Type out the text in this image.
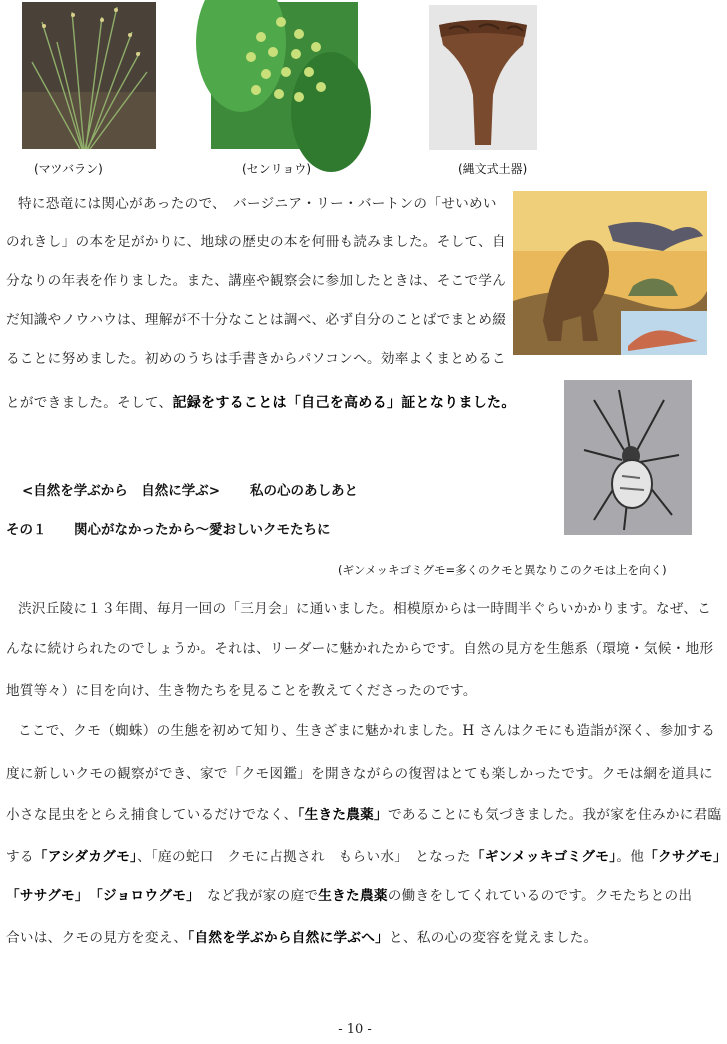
(マツバラン)	(センリョウ)	(縄文式土器)
特に恐竜には関心があったので、　バージニア・リー・バートンの「せいめい
のれきし」の本を足がかりに、地球の歴史の本を何冊も読みました。そして、自
分なりの年表を作りました。また、講座や観察会に参加したときは、そこで学ん
だ知識やノウハウは、理解が不十分なことは調べ、必ず自分のことばでまとめ綴
ることに努めました。初めのうちは手書きからパソコンへ。効率よくまとめるこ
とができました。そして、記録をすることは「自己を高める」証となりました。
<自然を学ぶから　自然に学ぶ> 私の心のあしあと
その１ 関心がなかったから～愛おしいクモたちに
(ギンメッキゴミグモ=多くのクモと異なりこのクモは上を向く)
渋沢丘陵に１３年間、毎月一回の「三月会」に通いました。相模原からは一時間半ぐらいかかります。なぜ、こ
んなに続けられたのでしょうか。それは、リーダーに魅かれたからです。自然の見方を生態系（環境・気候・地形
地質等々）に目を向け、生き物たちを見ることを教えてくださったのです。
ここで、クモ（蜘蛛）の生態を初めて知り、生きざまに魅かれました。H さんはクモにも造詣が深く、参加する
度に新しいクモの観察ができ、家で「クモ図鑑」を開きながらの復習はとても楽しかったです。クモは網を道具に
小さな昆虫をとらえ捕食しているだけでなく、「生きた農薬」であることにも気づきました。我が家を住みかに君臨
する「アシダカグモ」、「庭の蛇口　クモに占拠され　もらい水」　となった「ギンメッキゴミグモ」。他「クサグモ」
「ササグモ」　 「ジョロウグモ」　など我が家の庭で生きた農薬の働きをしてくれているのです。クモたちとの出
合いは、クモの見方を変え、「自然を学ぶから自然に学ぶへ」と、私の心の変容を覚えました。
- 10 -
